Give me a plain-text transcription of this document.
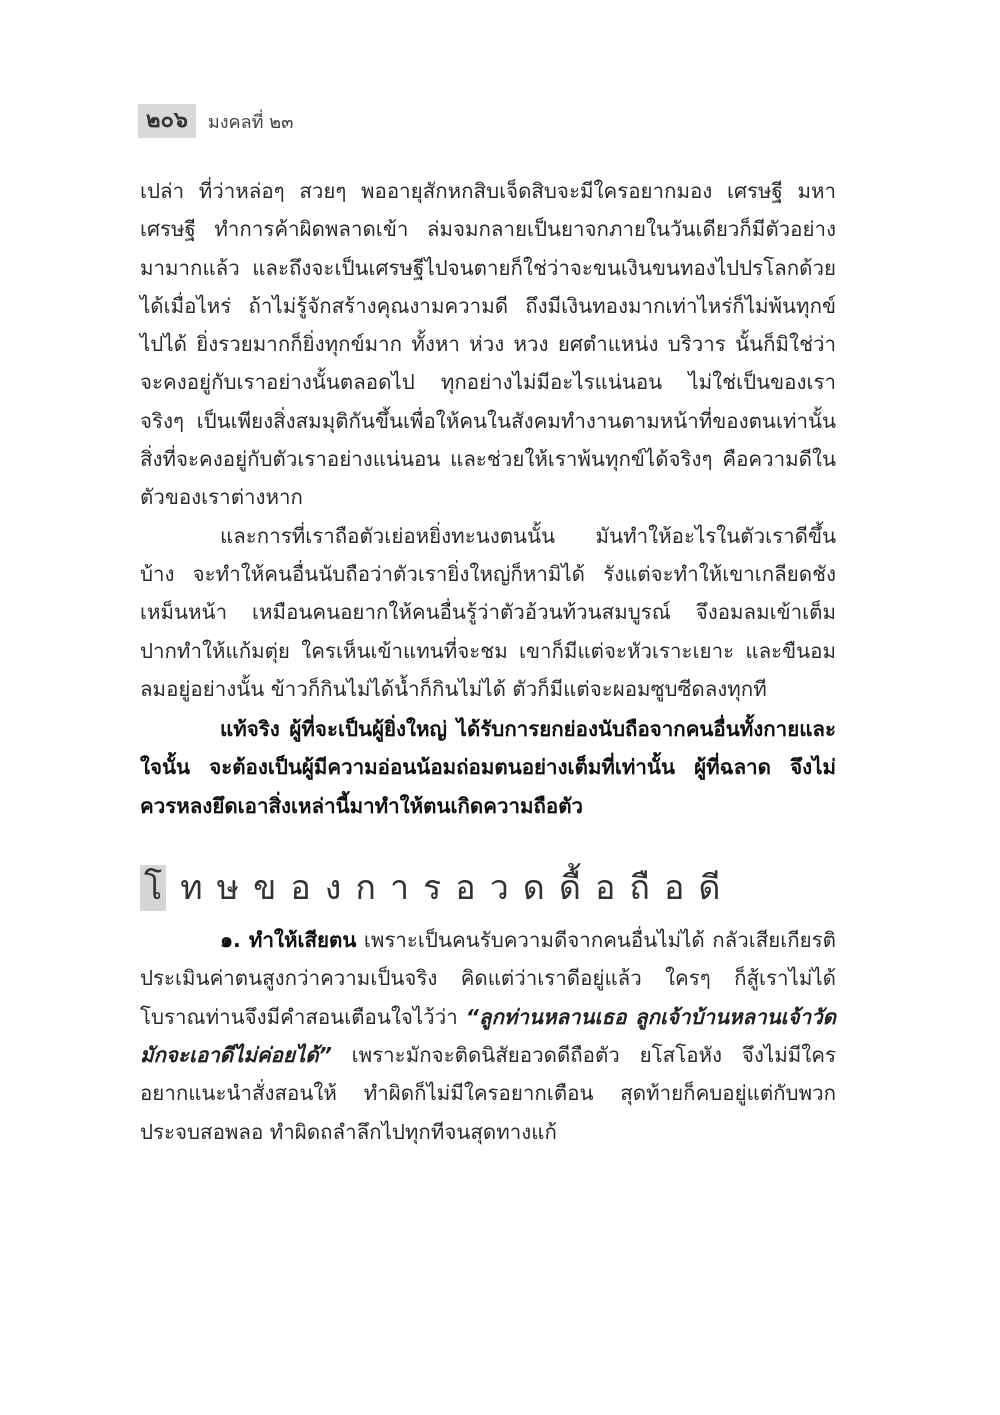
๒๐๖	มงคลที่ ๒๓

เปล่า ที่ว่าหล่อๆ สวยๆ พออายุสักหกสิบเจ็ดสิบจะมีใครอยากมอง เศรษฐี มหาเศรษฐี ทำการค้าผิดพลาดเข้า ล่มจมกลายเป็นยาจกภายในวันเดียวก็มีตัวอย่างมามากแล้ว และถึงจะเป็นเศรษฐีไปจนตายก็ใช่ว่าจะขนเงินขนทองไปปรโลกด้วยได้เมื่อไหร่ ถ้าไม่รู้จักสร้างคุณงามความดี ถึงมีเงินทองมากเท่าไหร่ก็ไม่พ้นทุกข์ไปได้ ยิ่งรวยมากก็ยิ่งทุกข์มาก ทั้งหา ห่วง หวง ยศตำแหน่ง บริวาร นั้นก็มิใช่ว่าจะคงอยู่กับเราอย่างนั้นตลอดไป ทุกอย่างไม่มีอะไรแน่นอน ไม่ใช่เป็นของเราจริงๆ เป็นเพียงสิ่งสมมุติกันขึ้นเพื่อให้คนในสังคมทำงานตามหน้าที่ของตนเท่านั้น สิ่งที่จะคงอยู่กับตัวเราอย่างแน่นอน และช่วยให้เราพ้นทุกข์ได้จริงๆ คือความดีในตัวของเราต่างหาก

และการที่เราถือตัวเย่อหยิ่งทะนงตนนั้น มันทำให้อะไรในตัวเราดีขึ้นบ้าง จะทำให้คนอื่นนับถือว่าตัวเรายิ่งใหญ่ก็หามิได้ รังแต่จะทำให้เขาเกลียดชังเหม็นหน้า เหมือนคนอยากให้คนอื่นรู้ว่าตัวอ้วนท้วนสมบูรณ์ จึงอมลมเข้าเต็มปากทำให้แก้มตุ่ย ใครเห็นเข้าแทนที่จะชม เขาก็มีแต่จะหัวเราะเยาะ และขืนอมลมอยู่อย่างนั้น ข้าวก็กินไม่ได้น้ำก็กินไม่ได้ ตัวก็มีแต่จะผอมซูบซีดลงทุกที

แท้จริง ผู้ที่จะเป็นผู้ยิ่งใหญ่ ได้รับการยกย่องนับถือจากคนอื่นทั้งกายและใจนั้น จะต้องเป็นผู้มีความอ่อนน้อมถ่อมตนอย่างเต็มที่เท่านั้น ผู้ที่ฉลาด จึงไม่ควรหลงยึดเอาสิ่งเหล่านี้มาทำให้ตนเกิดความถือตัว

โ ทษของการอวดดื้อถือดี

๑. ทำให้เสียตน เพราะเป็นคนรับความดีจากคนอื่นไม่ได้ กลัวเสียเกียรติ ประเมินค่าตนสูงกว่าความเป็นจริง คิดแต่ว่าเราดีอยู่แล้ว ใครๆ ก็สู้เราไม่ได้ โบราณท่านจึงมีคำสอนเตือนใจไว้ว่า “ลูกท่านหลานเธอ ลูกเจ้าบ้านหลานเจ้าวัด มักจะเอาดีไม่ค่อยได้” เพราะมักจะติดนิสัยอวดดีถือตัว ยโสโอหัง จึงไม่มีใครอยากแนะนำสั่งสอนให้ ทำผิดก็ไม่มีใครอยากเตือน สุดท้ายก็คบอยู่แต่กับพวกประจบสอพลอ ทำผิดถลำลึกไปทุกทีจนสุดทางแก้
